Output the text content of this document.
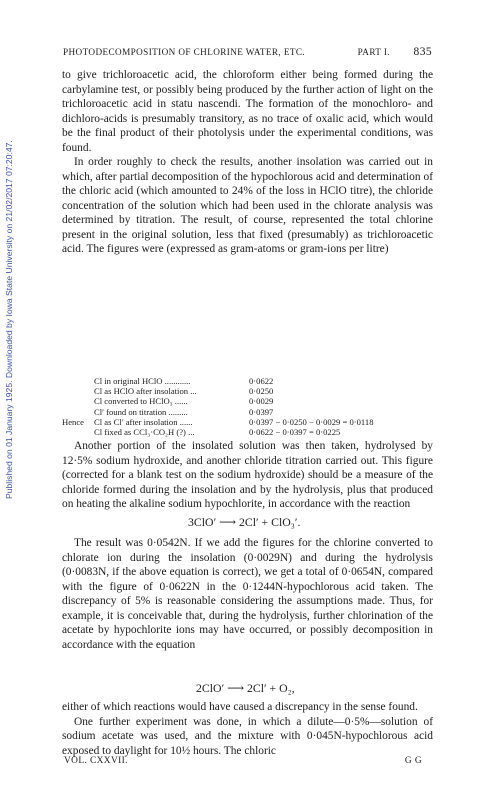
Published on 01 January 1925. Downloaded by Iowa State University on 21/02/2017 07:20:47.
PHOTODECOMPOSITION OF CHLORINE WATER, ETC.	PART I. 835

to give trichloroacetic acid, the chloroform either being formed during the carbylamine test, or possibly being produced by the further action of light on the trichloroacetic acid in statu nascendi. The formation of the monochloro- and dichloro-acids is presumably transitory, as no trace of oxalic acid, which would be the final product of their photolysis under the experimental conditions, was found.

In order roughly to check the results, another insolation was carried out in which, after partial decomposition of the hypochlorous acid and determination of the chloric acid (which amounted to 24% of the loss in HClO titre), the chloride concentration of the solution which had been used in the chlorate analysis was determined by titration. The result, of course, represented the total chlorine present in the original solution, less that fixed (presumably) as trichloroacetic acid. The figures were (expressed as gram-atoms or gram-ions per litre)

Cl in original HClO ............	0·0622
Cl as HClO after insolation ...	0·0250
Cl converted to HClO₃ ......	0·0029
Cl′ found on titration .........	0·0397
Hence Cl as Cl′ after insolation ......	0·0397 − 0·0250 − 0·0029 = 0·0118
Cl fixed as CCl₃·CO₂H (?) ...	0·0622 − 0·0397 = 0·0225

Another portion of the insolated solution was then taken, hydrolysed by 12·5% sodium hydroxide, and another chloride titration carried out. This figure (corrected for a blank test on the sodium hydroxide) should be a measure of the chloride formed during the insolation and by the hydrolysis, plus that produced on heating the alkaline sodium hypochlorite, in accordance with the reaction

3ClO′ ⟶ 2Cl′ + ClO₃′.

The result was 0·0542N. If we add the figures for the chlorine converted to chlorate ion during the insolation (0·0029N) and during the hydrolysis (0·0083N, if the above equation is correct), we get a total of 0·0654N, compared with the figure of 0·0622N in the 0·1244N-hypochlorous acid taken. The discrepancy of 5% is reasonable considering the assumptions made. Thus, for example, it is conceivable that, during the hydrolysis, further chlorination of the acetate by hypochlorite ions may have occurred, or possibly decomposition in accordance with the equation

2ClO′ ⟶ 2Cl′ + O₂,

either of which reactions would have caused a discrepancy in the sense found.

One further experiment was done, in which a dilute—0·5%—solution of sodium acetate was used, and the mixture with 0·045N-hypochlorous acid exposed to daylight for 10½ hours. The chloric

VOL. CXXVII.	G G
